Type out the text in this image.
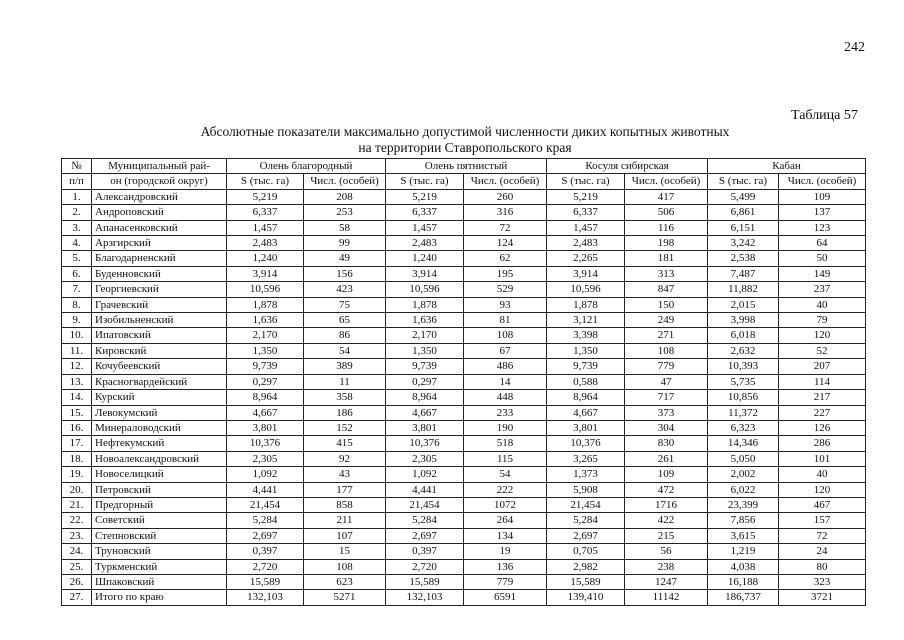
242
Таблица 57
Абсолютные показатели максимально допустимой численности диких копытных животных
на территории Ставропольского края
№	Муниципальный рай-	Олень благородный		Олень пятнистый		Косуля сибирская		Кабан	
п/п	он (городской округ)	S (тыс. га)	Числ. (особей)	S (тыс. га)	Числ. (особей)	S (тыс. га)	Числ. (особей)	S (тыс. га)	Числ. (особей)
1.	Александровский	5,219	208	5,219	260	5,219	417	5,499	109
2.	Андроповский	6,337	253	6,337	316	6,337	506	6,861	137
3.	Апанасенковский	1,457	58	1,457	72	1,457	116	6,151	123
4.	Арзгирский	2,483	99	2,483	124	2,483	198	3,242	64
5.	Благодарненский	1,240	49	1,240	62	2,265	181	2,538	50
6.	Буденновский	3,914	156	3,914	195	3,914	313	7,487	149
7.	Георгиевский	10,596	423	10,596	529	10,596	847	11,882	237
8.	Грачевский	1,878	75	1,878	93	1,878	150	2,015	40
9.	Изобильненский	1,636	65	1,636	81	3,121	249	3,998	79
10.	Ипатовский	2,170	86	2,170	108	3,398	271	6,018	120
11.	Кировский	1,350	54	1,350	67	1,350	108	2,632	52
12.	Кочубеевский	9,739	389	9,739	486	9,739	779	10,393	207
13.	Красногвардейский	0,297	11	0,297	14	0,588	47	5,735	114
14.	Курский	8,964	358	8,964	448	8,964	717	10,856	217
15.	Левокумский	4,667	186	4,667	233	4,667	373	11,372	227
16.	Минераловодский	3,801	152	3,801	190	3,801	304	6,323	126
17.	Нефтекумский	10,376	415	10,376	518	10,376	830	14,346	286
18.	Новоалександровский	2,305	92	2,305	115	3,265	261	5,050	101
19.	Новоселицкий	1,092	43	1,092	54	1,373	109	2,002	40
20.	Петровский	4,441	177	4,441	222	5,908	472	6,022	120
21.	Предгорный	21,454	858	21,454	1072	21,454	1716	23,399	467
22.	Советский	5,284	211	5,284	264	5,284	422	7,856	157
23.	Степновский	2,697	107	2,697	134	2,697	215	3,615	72
24.	Труновский	0,397	15	0,397	19	0,705	56	1,219	24
25.	Туркменский	2,720	108	2,720	136	2,982	238	4,038	80
26.	Шпаковский	15,589	623	15,589	779	15,589	1247	16,188	323
27.	Итого по краю	132,103	5271	132,103	6591	139,410	11142	186,737	3721
